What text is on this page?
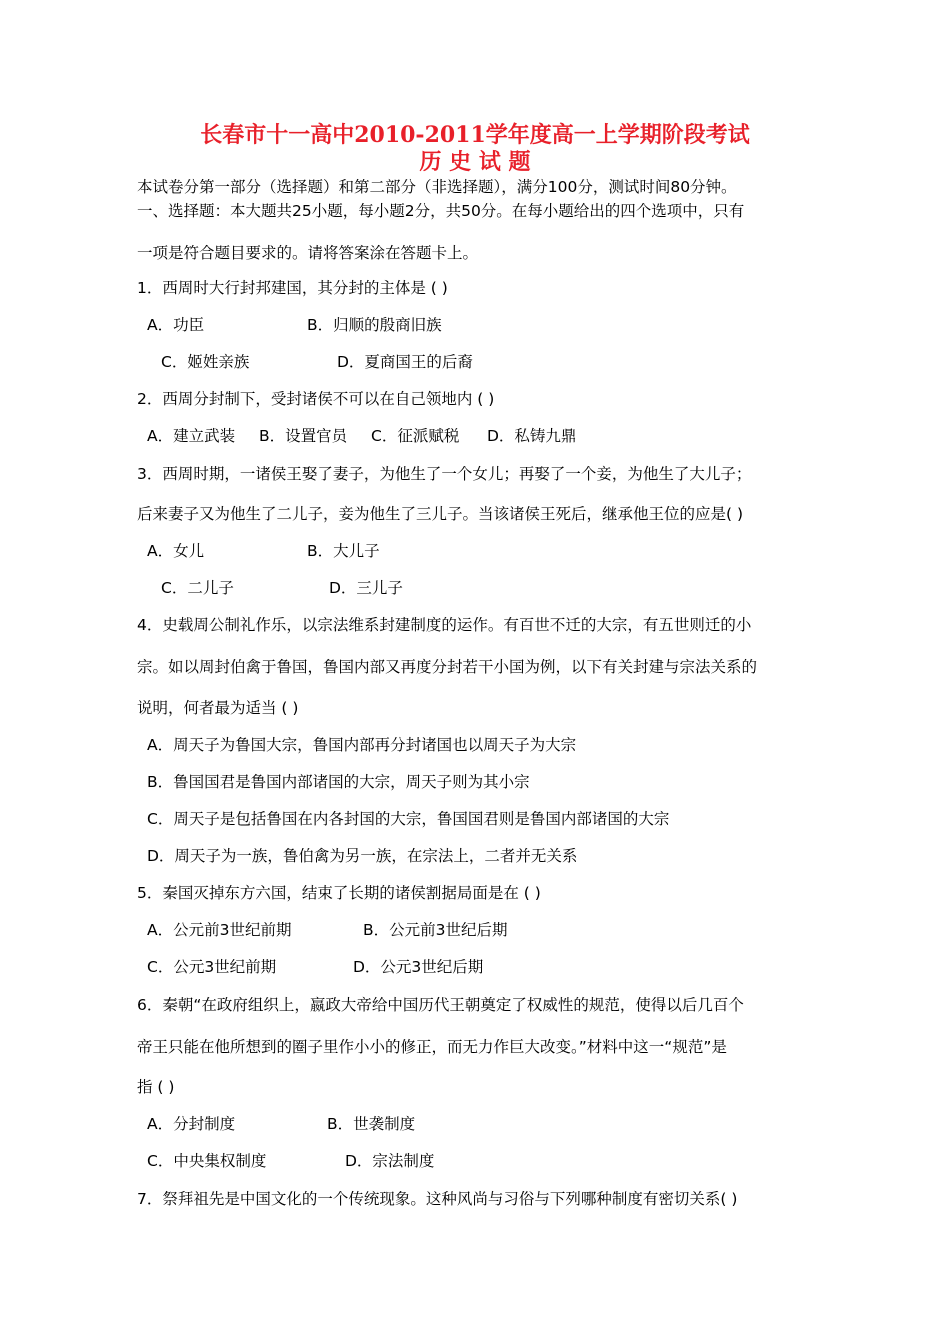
长春市十一高中2010-2011学年度高一上学期阶段考试
历 史 试 题
本试卷分第一部分（选择题）和第二部分（非选择题），满分100分，测试时间80分钟。
一、选择题：本大题共25小题，每小题2分，共50分。在每小题给出的四个选项中，只有
一项是符合题目要求的。请将答案涂在答题卡上。
1．西周时大行封邦建国，其分封的主体是 ( )
A．功臣	B．归顺的殷商旧族
C．姬姓亲族	D．夏商国王的后裔
2．西周分封制下，受封诸侯不可以在自己领地内 ( )
A．建立武装 B．设置官员 C．征派赋税 D．私铸九鼎
3．西周时期，一诸侯王娶了妻子，为他生了一个女儿；再娶了一个妾，为他生了大儿子；
后来妻子又为他生了二儿子，妾为他生了三儿子。当该诸侯王死后，继承他王位的应是( )
A．女儿	B．大儿子
C．二儿子	D．三儿子
4．史载周公制礼作乐，以宗法维系封建制度的运作。有百世不迁的大宗，有五世则迁的小
宗。如以周封伯禽于鲁国，鲁国内部又再度分封若干小国为例，以下有关封建与宗法关系的
说明，何者最为适当 ( )
A．周天子为鲁国大宗，鲁国内部再分封诸国也以周天子为大宗
B．鲁国国君是鲁国内部诸国的大宗，周天子则为其小宗
C．周天子是包括鲁国在内各封国的大宗，鲁国国君则是鲁国内部诸国的大宗
D．周天子为一族，鲁伯禽为另一族，在宗法上，二者并无关系
5．秦国灭掉东方六国，结束了长期的诸侯割据局面是在 ( )
A．公元前3世纪前期	B．公元前3世纪后期
C．公元3世纪前期	D．公元3世纪后期
6．秦朝“在政府组织上，嬴政大帝给中国历代王朝奠定了权威性的规范，使得以后几百个
帝王只能在他所想到的圈子里作小小的修正，而无力作巨大改变。”材料中这一“规范”是
指 ( )
A．分封制度	B．世袭制度
C．中央集权制度	D．宗法制度
7．祭拜祖先是中国文化的一个传统现象。这种风尚与习俗与下列哪种制度有密切关系( )
